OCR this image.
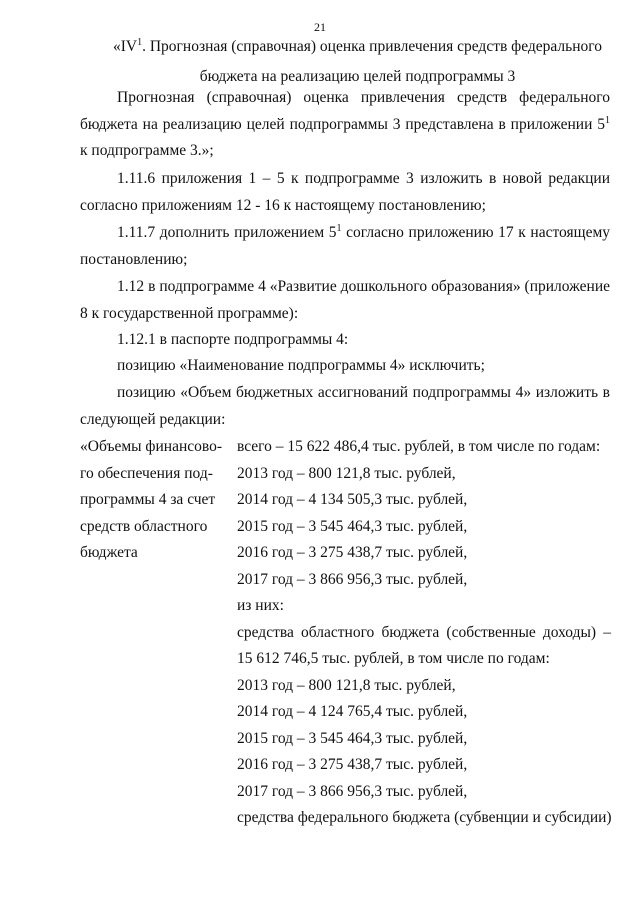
21
«$IV^1$. Прогнозная (справочная) оценка привлечения средств федерального
бюджета на реализацию целей подпрограммы 3
Прогнозная (справочная) оценка привлечения средств федерального бюджета на реализацию целей подпрограммы 3 представлена в приложении $5^1$ к подпрограмме 3.»;
1.11.6 приложения 1 – 5 к подпрограмме 3 изложить в новой редакции согласно приложениям 12 - 16 к настоящему постановлению;
1.11.7 дополнить приложением $5^1$ согласно приложению 17 к настоящему постановлению;
1.12 в подпрограмме 4 «Развитие дошкольного образования» (приложение 8 к государственной программе):
1.12.1 в паспорте подпрограммы 4:
позицию «Наименование подпрограммы 4» исключить;
позицию «Объем бюджетных ассигнований подпрограммы 4» изложить в следующей редакции:
«Объемы финансово-
го обеспечения под-
программы 4 за счет
средств областного
бюджета
всего – 15 622 486,4 тыс. рублей, в том числе по годам:
2013 год – 800 121,8 тыс. рублей,
2014 год – 4 134 505,3 тыс. рублей,
2015 год – 3 545 464,3 тыс. рублей,
2016 год – 3 275 438,7 тыс. рублей,
2017 год – 3 866 956,3 тыс. рублей,
из них:
средства областного бюджета (собственные доходы) – 15 612 746,5 тыс. рублей, в том числе по годам:
2013 год – 800 121,8 тыс. рублей,
2014 год – 4 124 765,4 тыс. рублей,
2015 год – 3 545 464,3 тыс. рублей,
2016 год – 3 275 438,7 тыс. рублей,
2017 год – 3 866 956,3 тыс. рублей,
средства федерального бюджета (субвенции и субсидии)
